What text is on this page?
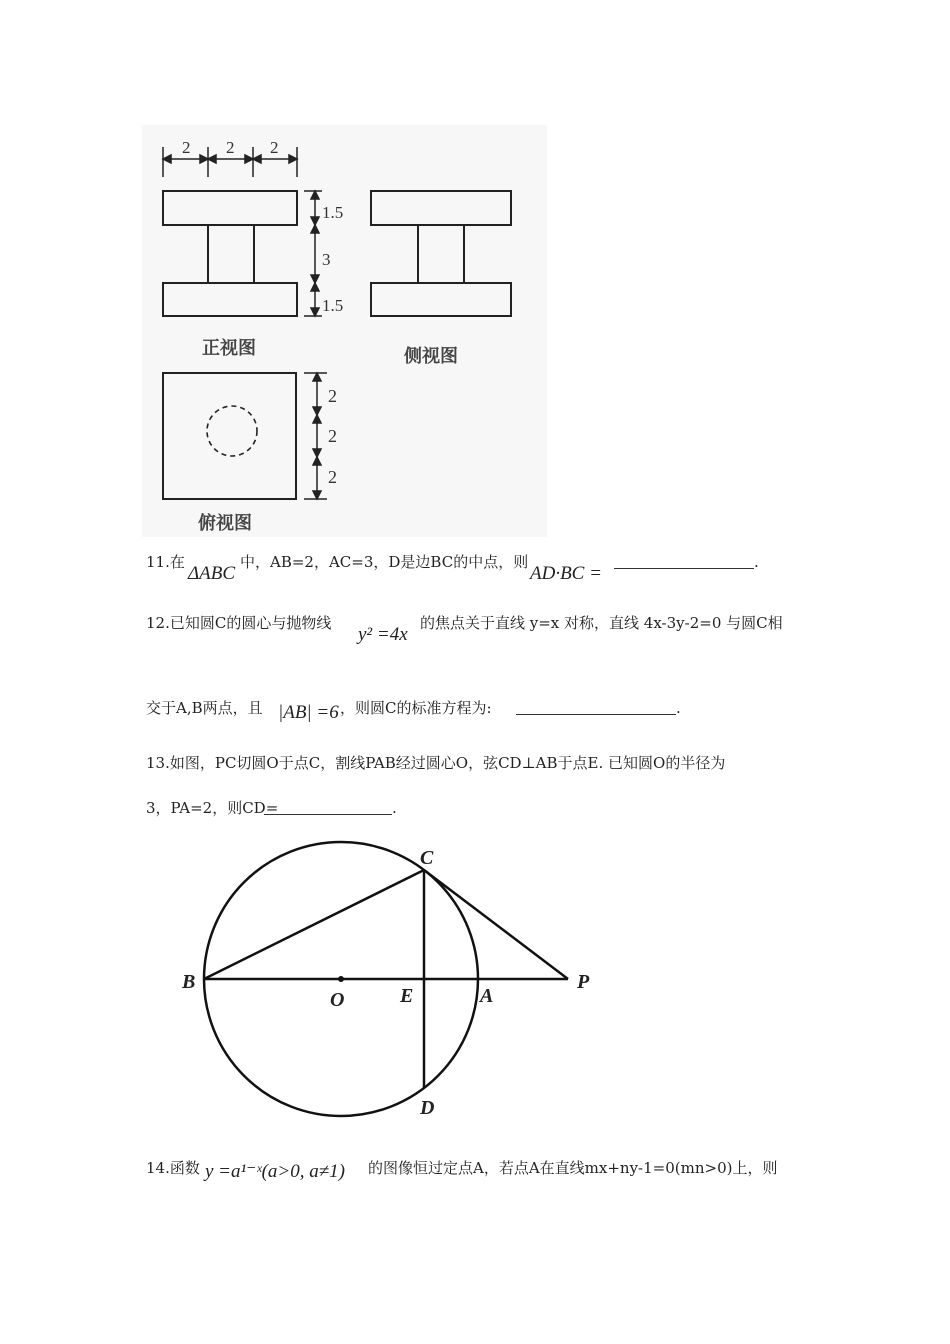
2 2 2
1.5
3
1.5
2
2
2
正视图	侧视图
俯视图
11.在
ΔABC
中，AB=2，AC=3，D是边BC的中点，则
AD·BC =
.
12.已知圆C的圆心与抛物线
y² =4x
的焦点关于直线 y=x 对称，直线 4x-3y-2=0 与圆C相
交于A,B两点，且 |AB| =6 ，则圆C的标准方程为:	.
13.如图，PC切圆O于点C，割线PAB经过圆心O，弦CD⊥AB于点E. 已知圆O的半径为
3，PA=2，则CD=	.
B
O	E	A
P
C
D
14.函数 y =a¹⁻ˣ(a>0, a≠1) 的图像恒过定点A，若点A在直线mx+ny-1=0(mn>0)上，则
